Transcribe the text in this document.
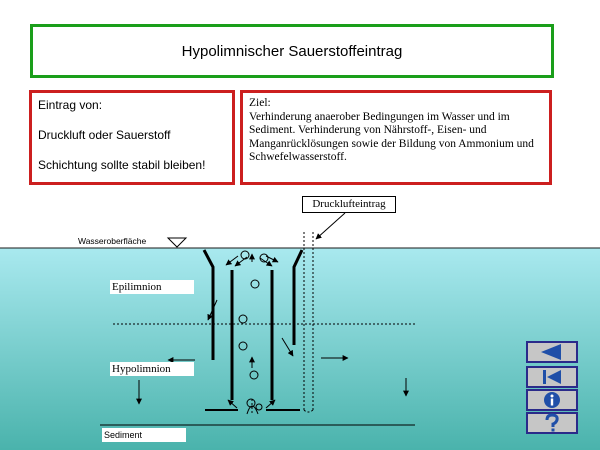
Hypolimnischer Sauerstoffeintrag

Eintrag von:

Druckluft oder Sauerstoff

Schichtung sollte stabil bleiben!

Ziel:
Verhinderung anaerober Bedingungen im Wasser und im Sediment. Verhinderung von Nährstoff-, Eisen- und Manganrücklösungen sowie der Bildung von Ammonium und Schwefelwasserstoff.
Drucklufteintrag
Wasseroberfläche
Epilimnion
Hypolimnion
Sediment
